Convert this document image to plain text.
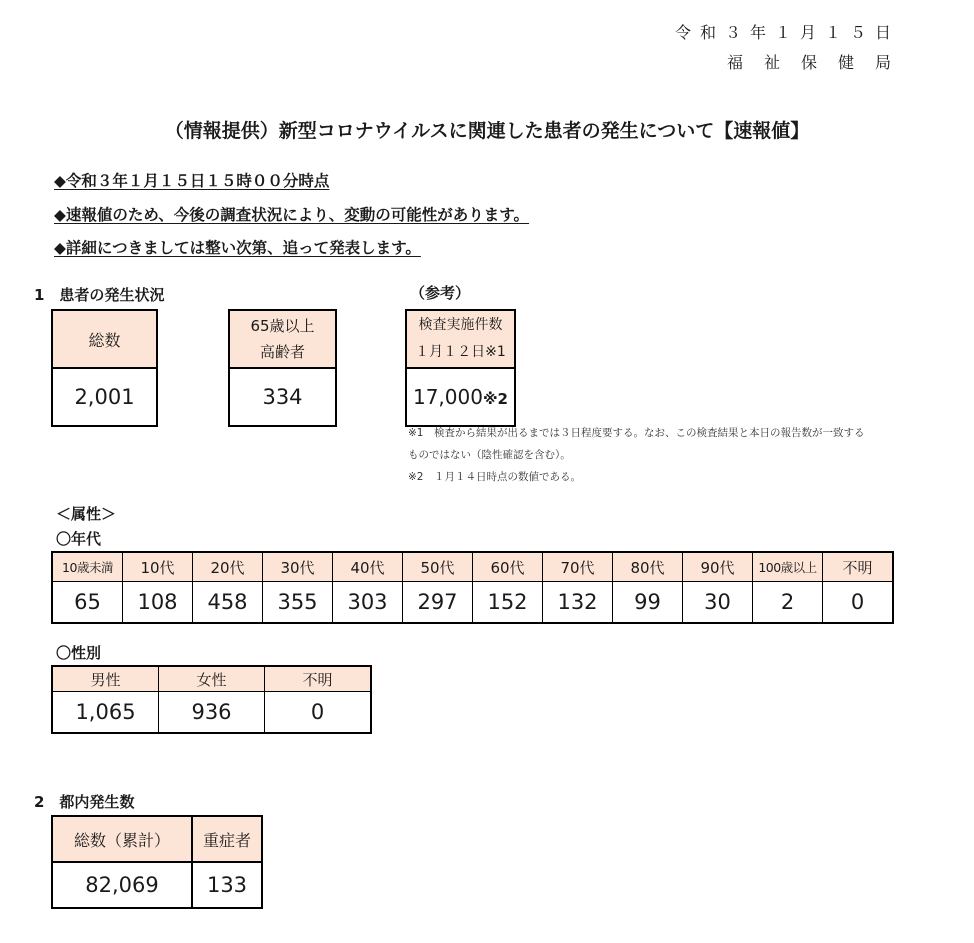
令和３年１月１５日
福祉保健局
（情報提供）新型コロナウイルスに関連した患者の発生について【速報値】
◆令和３年１月１５日１５時００分時点
◆速報値のため、今後の調査状況により、変動の可能性があります。
◆詳細につきましては整い次第、追って発表します。
1　患者の発生状況	（参考）
総数
2,001
65歳以上
高齢者

334
検査実施件数
１月１２日※1

17,000※2
※1　検査から結果が出るまでは３日程度要する。なお、この検査結果と本日の報告数が一致する
ものではない（陰性確認を含む）。
※2　１月１４日時点の数値である。
＜属性＞
〇年代
10歳未満	10代	20代	30代	40代	50代	60代	70代	80代	90代	100歳以上	不明
65	108	458	355	303	297	152	132	99	30	2	0
〇性別
男性	女性	不明
1,065	936	0
2　都内発生数
総数（累計）	重症者
82,069	133
